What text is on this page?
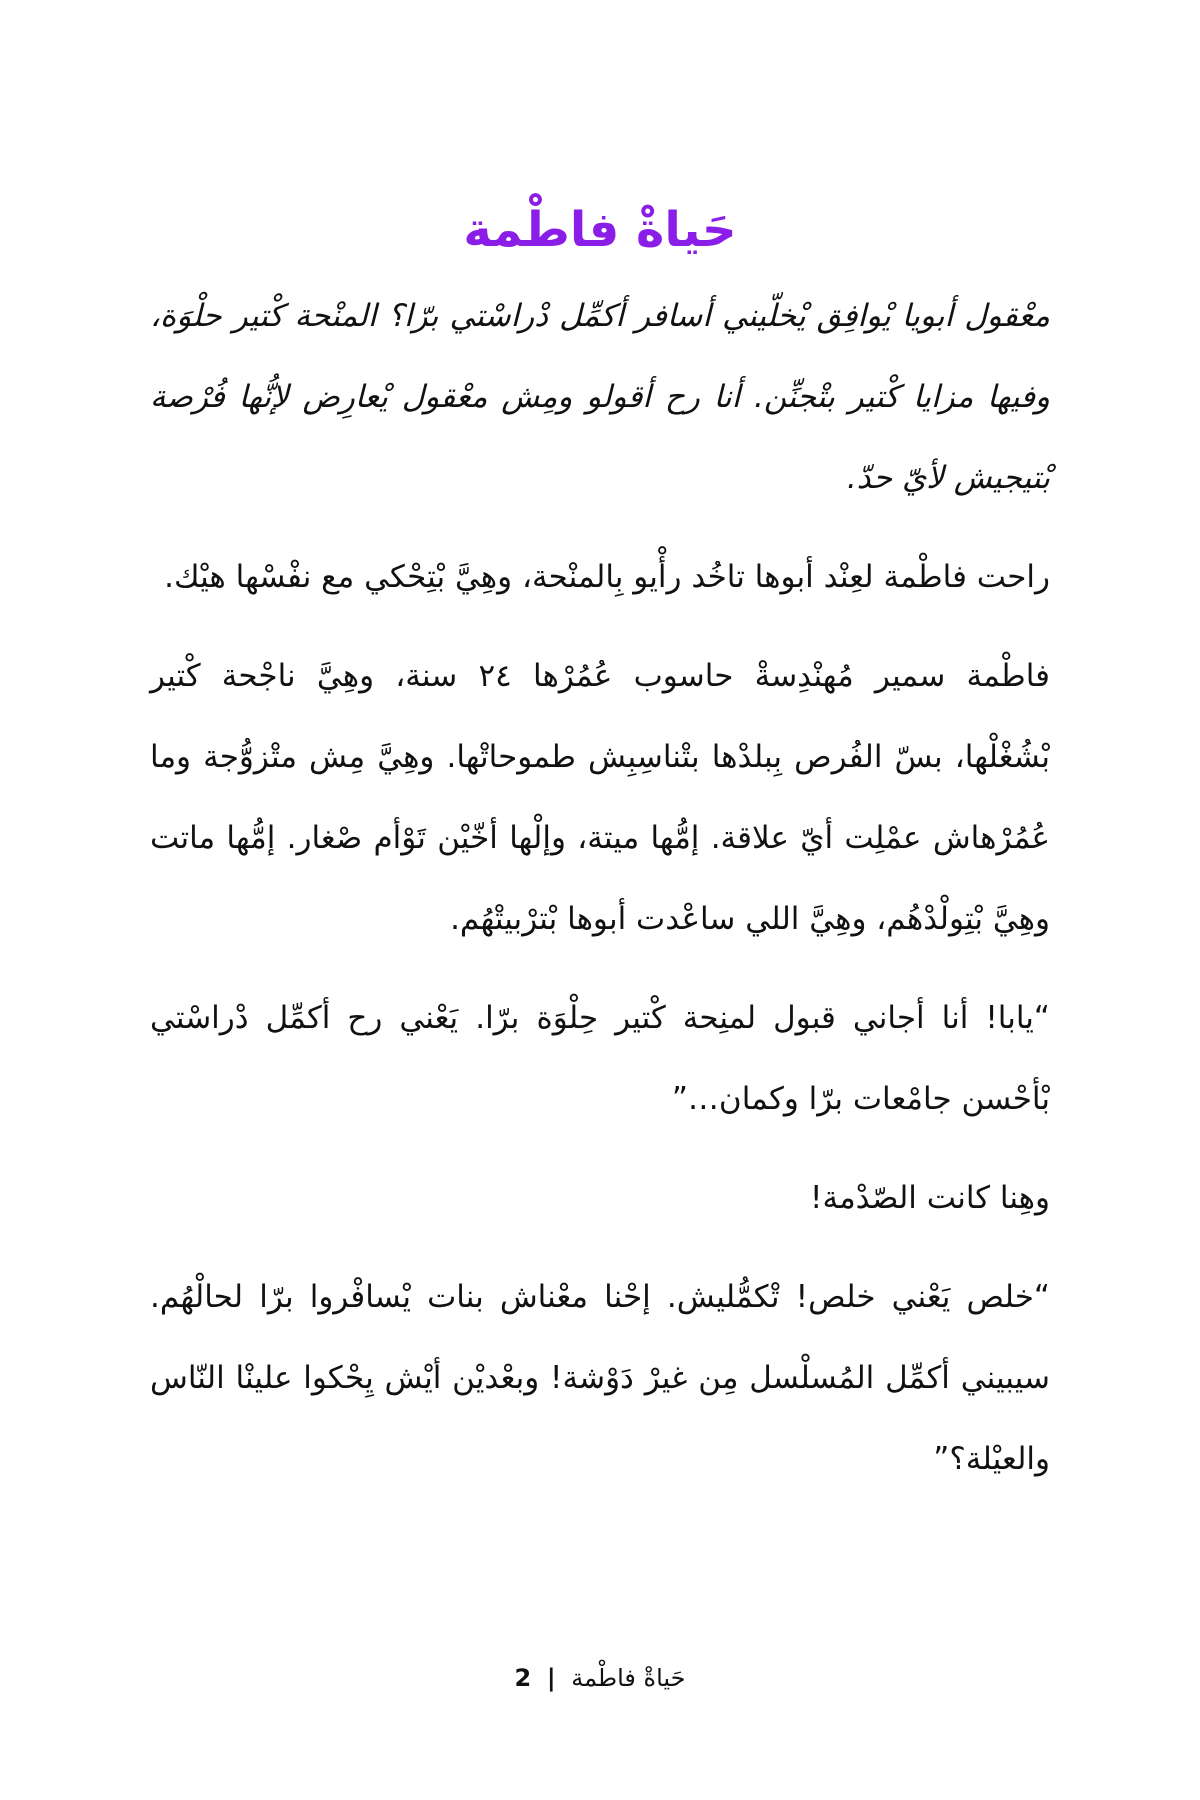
حَياةْ فاطْمة

معْقول أبويا يْوافِق يْخلّيني أسافر أكمِّل دْراسْتي برّا؟ المنْحة كْتير حلْوَة، وفيها مزايا كْتير بتْجنِّن. أنا رح أقولو ومِش معْقول يْعارِض لإنُّها فُرْصة بْتيجيش لأيّ حدّ.

راحت فاطْمة لعِنْد أبوها تاخُد رأْيو بِالمنْحة، وهِيَّ بْتِحْكي مع نفْسْها هيْك.

فاطْمة سمير مُهنْدِسةْ حاسوب عُمُرْها ٢٤ سنة، وهِيَّ ناجْحة كْتير بْشُغْلْها، بسّ الفُرص بِبلدْها بتْناسِبِش طموحاتْها. وهِيَّ مِش متْزوُّجة وما عُمُرْهاش عمْلِت أيّ علاقة. إمُّها ميتة، وإلْها أخّيْن تَوْأم صْغار. إمُّها ماتت وهِيَّ بْتِولْدْهُم، وهِيَّ اللي ساعْدت أبوها بْترْبيتْهُم.

“يابا! أنا أجاني قبول لمنِحة كْتير حِلْوَة برّا. يَعْني رح أكمِّل دْراسْتي بْأحْسن جامْعات برّا وكمان…”

وهِنا كانت الصّدْمة!

“خلص يَعْني خلص! تْكمُّليش. إحْنا معْناش بنات يْسافْروا برّا لحالْهُم. سيبيني أكمِّل المُسلْسل مِن غيرْ دَوْشة! وبعْديْن أيْش يِحْكوا علينْا النّاس والعيْلة؟”

حَياةْ فاطْمة | 2
